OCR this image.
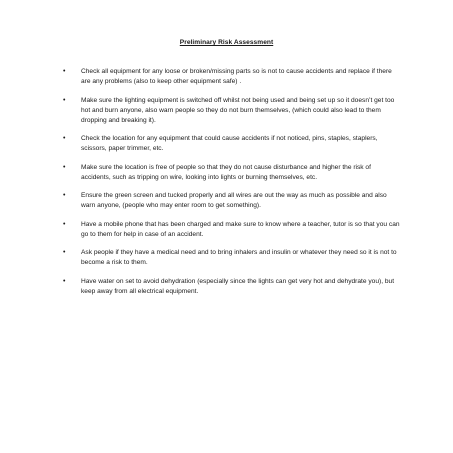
Preliminary Risk Assessment
• Check all equipment for any loose or broken/missing parts so is not to cause accidents and replace if there are any problems (also to keep other equipment safe) .
• Make sure the lighting equipment is switched off whilst not being used and being set up so it doesn’t get too hot and burn anyone, also warn people so they do not burn themselves, (which could also lead to them dropping and breaking it).
• Check the location for any equipment that could cause accidents if not noticed, pins, staples, staplers, scissors, paper trimmer, etc.
• Make sure the location is free of people so that they do not cause disturbance and higher the risk of accidents, such as tripping on wire, looking into lights or burning themselves, etc.
• Ensure the green screen and tucked properly and all wires are out the way as much as possible and also warn anyone, (people who may enter room to get something).
• Have a mobile phone that has been charged and make sure to know where a teacher, tutor is so that you can go to them for help in case of an accident.
• Ask people if they have a medical need and to bring inhalers and insulin or whatever they need so it is not to become a risk to them.
• Have water on set to avoid dehydration (especially since the lights can get very hot and dehydrate you), but keep away from all electrical equipment.
